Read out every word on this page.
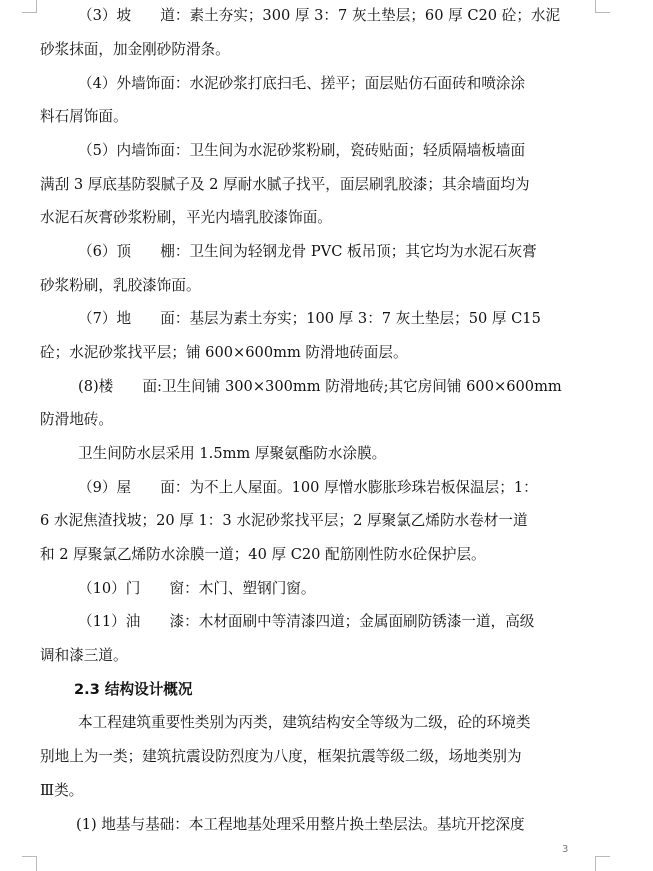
（3）坡　　道：素土夯实；300 厚 3：7 灰土垫层；60 厚 C20 砼；水泥
砂浆抹面，加金刚砂防滑条。
（4）外墙饰面：水泥砂浆打底扫毛、搓平；面层贴仿石面砖和喷涂涂
料石屑饰面。
（5）内墙饰面：卫生间为水泥砂浆粉刷，瓷砖贴面；轻质隔墙板墙面
满刮 3 厚底基防裂腻子及 2 厚耐水腻子找平，面层刷乳胶漆；其余墙面均为
水泥石灰膏砂浆粉刷，平光内墙乳胶漆饰面。
（6）顶　　棚：卫生间为轻钢龙骨 PVC 板吊顶；其它均为水泥石灰膏
砂浆粉刷，乳胶漆饰面。
（7）地　　面：基层为素土夯实；100 厚 3：7 灰土垫层；50 厚 C15
砼；水泥砂浆找平层；铺 600×600mm 防滑地砖面层。
(8)楼　　面:卫生间铺 300×300mm 防滑地砖;其它房间铺 600×600mm
防滑地砖。
卫生间防水层采用 1.5mm 厚聚氨酯防水涂膜。
（9）屋　　面：为不上人屋面。100 厚憎水膨胀珍珠岩板保温层；1：
6 水泥焦渣找坡；20 厚 1：3 水泥砂浆找平层；2 厚聚氯乙烯防水卷材一道
和 2 厚聚氯乙烯防水涂膜一道；40 厚 C20 配筋刚性防水砼保护层。
（10）门　　窗：木门、塑钢门窗。
（11）油　　漆：木材面刷中等清漆四道；金属面刷防锈漆一道，高级
调和漆三道。
2.3 结构设计概况
本工程建筑重要性类别为丙类，建筑结构安全等级为二级，砼的环境类
别地上为一类；建筑抗震设防烈度为八度，框架抗震等级二级，场地类别为
Ⅲ类。
(1) 地基与基础：本工程地基处理采用整片换土垫层法。基坑开挖深度
3
